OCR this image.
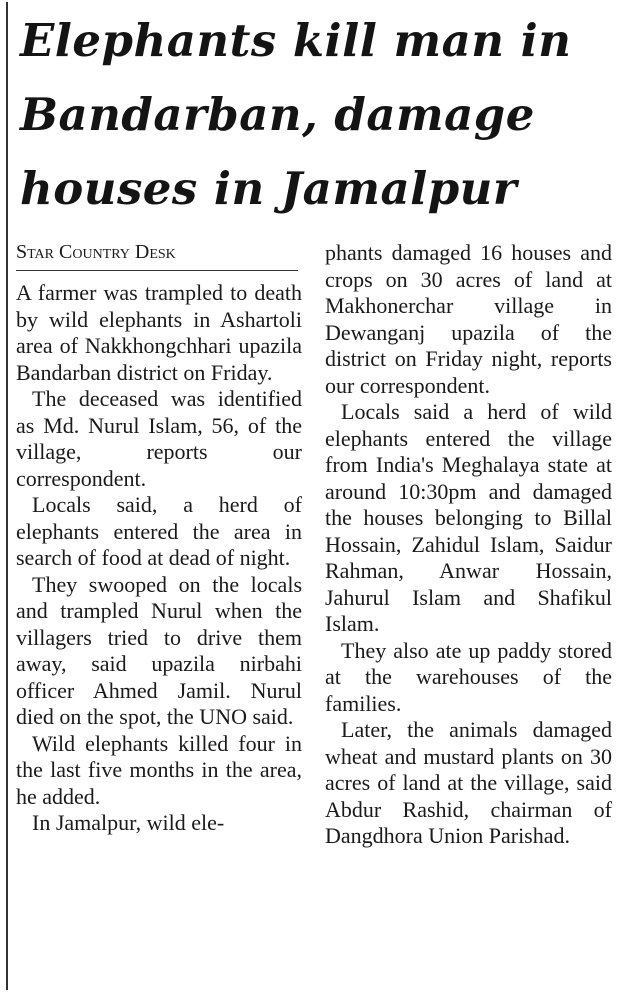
Elephants kill man in Bandarban, damage houses in Jamalpur
Star Country Desk

A farmer was trampled to death by wild elephants in Ashartoli area of Nakkhongchhari upazila Bandarban district on Friday.

The deceased was identified as Md. Nurul Islam, 56, of the village, reports our correspondent.

Locals said, a herd of elephants entered the area in search of food at dead of night.

They swooped on the locals and trampled Nurul when the villagers tried to drive them away, said upazila nirbahi officer Ahmed Jamil. Nurul died on the spot, the UNO said.

Wild elephants killed four in the last five months in the area, he added.

In Jamalpur, wild ele-

phants damaged 16 houses and crops on 30 acres of land at Makhonerchar village in Dewanganj upazila of the district on Friday night, reports our correspondent.

Locals said a herd of wild elephants entered the village from India's Meghalaya state at around 10:30pm and damaged the houses belonging to Billal Hossain, Zahidul Islam, Saidur Rahman, Anwar Hossain, Jahurul Islam and Shafikul Islam.

They also ate up paddy stored at the warehouses of the families.

Later, the animals damaged wheat and mustard plants on 30 acres of land at the village, said Abdur Rashid, chairman of Dangdhora Union Parishad.
